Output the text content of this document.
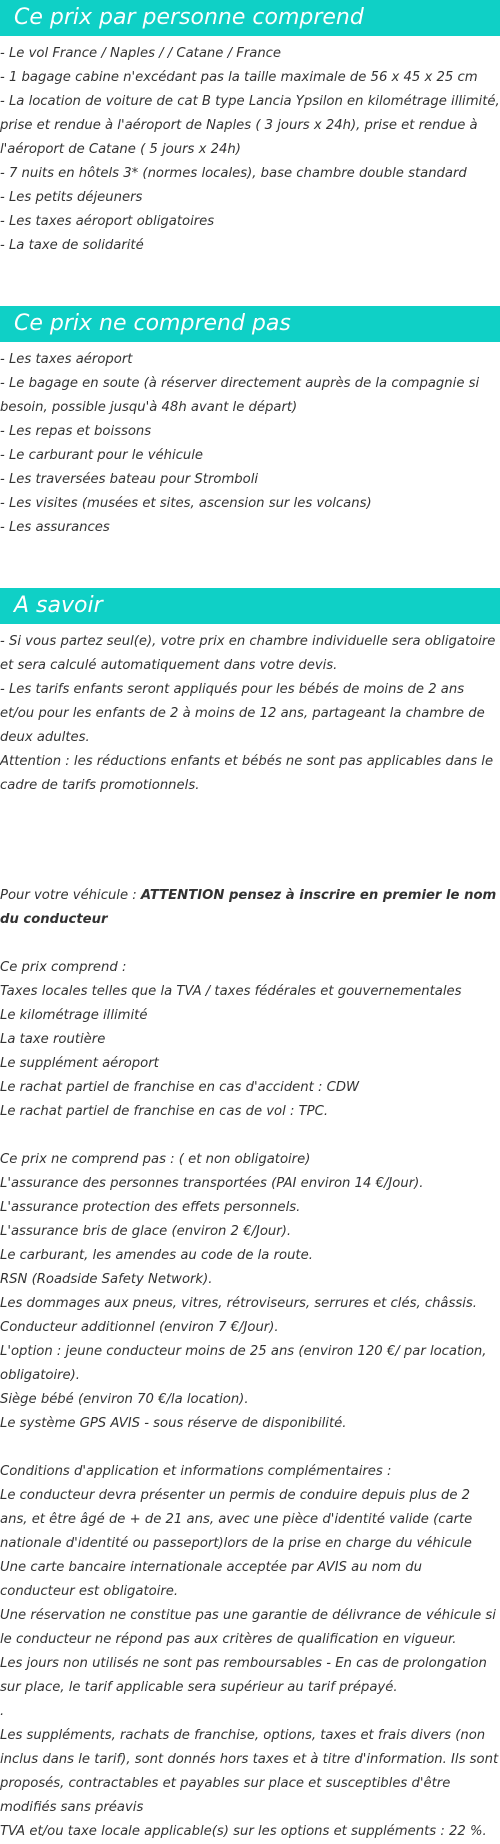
Ce prix par personne comprend

- Le vol France / Naples / / Catane / France

- 1 bagage cabine n'excédant pas la taille maximale de 56 x 45 x 25 cm

- La location de voiture de cat B type Lancia Ypsilon en kilométrage illimité, prise et rendue à l'aéroport de Naples ( 3 jours x 24h), prise et rendue à l'aéroport de Catane ( 5 jours x 24h)

- 7 nuits en hôtels 3* (normes locales), base chambre double standard

- Les petits déjeuners

- Les taxes aéroport obligatoires

- La taxe de solidarité

Ce prix ne comprend pas

- Les taxes aéroport

- Le bagage en soute (à réserver directement auprès de la compagnie si besoin, possible jusqu'à 48h avant le départ)

- Les repas et boissons

- Le carburant pour le véhicule

- Les traversées bateau pour Stromboli

- Les visites (musées et sites, ascension sur les volcans)

- Les assurances

A savoir

- Si vous partez seul(e), votre prix en chambre individuelle sera obligatoire et sera calculé automatiquement dans votre devis.

- Les tarifs enfants seront appliqués pour les bébés de moins de 2 ans et/ou pour les enfants de 2 à moins de 12 ans, partageant la chambre de deux adultes.

Attention : les réductions enfants et bébés ne sont pas applicables dans le cadre de tarifs promotionnels.

Pour votre véhicule : ATTENTION pensez à inscrire en premier le nom du conducteur

Ce prix comprend :

Taxes locales telles que la TVA / taxes fédérales et gouvernementales

Le kilométrage illimité

La taxe routière

Le supplément aéroport

Le rachat partiel de franchise en cas d'accident : CDW

Le rachat partiel de franchise en cas de vol : TPC.

Ce prix ne comprend pas : ( et non obligatoire)

L'assurance des personnes transportées (PAI environ 14 €/Jour).

L'assurance protection des effets personnels.

L'assurance bris de glace (environ 2 €/Jour).

Le carburant, les amendes au code de la route.

RSN (Roadside Safety Network).

Les dommages aux pneus, vitres, rétroviseurs, serrures et clés, châssis.

Conducteur additionnel (environ 7 €/Jour).

L'option : jeune conducteur moins de 25 ans (environ 120 €/ par location, obligatoire).

Siège bébé (environ 70 €/la location).

Le système GPS AVIS - sous réserve de disponibilité.

Conditions d'application et informations complémentaires :

Le conducteur devra présenter un permis de conduire depuis plus de 2 ans, et être âgé de + de 21 ans, avec une pièce d'identité valide (carte nationale d'identité ou passeport)lors de la prise en charge du véhicule

Une carte bancaire internationale acceptée par AVIS au nom du conducteur est obligatoire.

Une réservation ne constitue pas une garantie de délivrance de véhicule si le conducteur ne répond pas aux critères de qualification en vigueur.

Les jours non utilisés ne sont pas remboursables - En cas de prolongation sur place, le tarif applicable sera supérieur au tarif prépayé.

.

Les suppléments, rachats de franchise, options, taxes et frais divers (non inclus dans le tarif), sont donnés hors taxes et à titre d'information. Ils sont proposés, contractables et payables sur place et susceptibles d'être modifiés sans préavis

TVA et/ou taxe locale applicable(s) sur les options et suppléments : 22 %.
